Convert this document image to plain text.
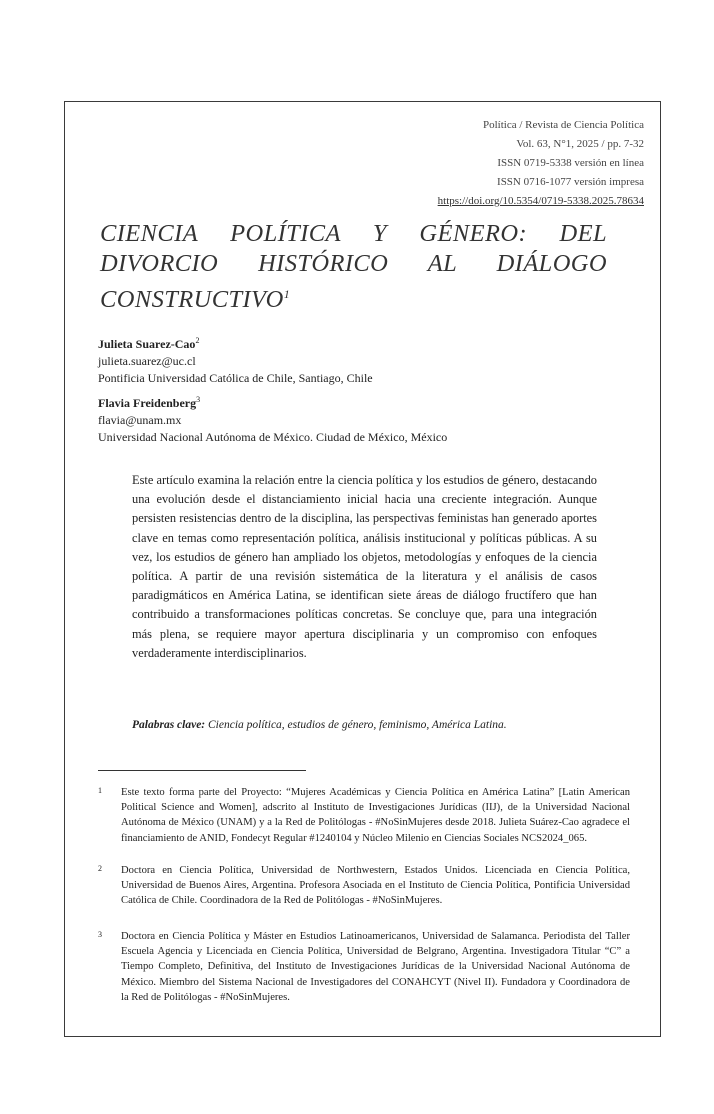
Política / Revista de Ciencia Política
Vol. 63, N°1, 2025 / pp. 7-32
ISSN 0719-5338 versión en línea
ISSN 0716-1077 versión impresa
https://doi.org/10.5354/0719-5338.2025.78634
CIENCIA POLÍTICA Y GÉNERO: DEL
DIVORCIO HISTÓRICO AL DIÁLOGO
CONSTRUCTIVO$^1$
Julieta Suarez-Cao$^2$
julieta.suarez@uc.cl
Pontificia Universidad Católica de Chile, Santiago, Chile
Flavia Freidenberg$^3$
flavia@unam.mx
Universidad Nacional Autónoma de México. Ciudad de México, México
Este artículo examina la relación entre la ciencia política y los estudios de género, destacando una evolución desde el distanciamiento inicial hacia una creciente integración. Aunque persisten resistencias dentro de la disciplina, las perspectivas feministas han generado aportes clave en temas como representación política, análisis institucional y políticas públicas. A su vez, los estudios de género han ampliado los objetos, metodologías y enfoques de la ciencia política. A partir de una revisión sistemática de la literatura y el análisis de casos paradigmáticos en América Latina, se identifican siete áreas de diálogo fructífero que han contribuido a transformaciones políticas concretas. Se concluye que, para una integración más plena, se requiere mayor apertura disciplinaria y un compromiso con enfoques verdaderamente interdisciplinarios.
Palabras clave: Ciencia política, estudios de género, feminismo, América Latina.
1 Este texto forma parte del Proyecto: “Mujeres Académicas y Ciencia Política en América Latina” [Latin American Political Science and Women], adscrito al Instituto de Investigaciones Jurídicas (IIJ), de la Universidad Nacional Autónoma de México (UNAM) y a la Red de Politólogas - #NoSinMujeres desde 2018. Julieta Suárez-Cao agradece el financiamiento de ANID, Fondecyt Regular #1240104 y Núcleo Milenio en Ciencias Sociales NCS2024_065.
2 Doctora en Ciencia Política, Universidad de Northwestern, Estados Unidos. Licenciada en Ciencia Política, Universidad de Buenos Aires, Argentina. Profesora Asociada en el Instituto de Ciencia Política, Pontificia Universidad Católica de Chile. Coordinadora de la Red de Politólogas - #NoSinMujeres.
3 Doctora en Ciencia Política y Máster en Estudios Latinoamericanos, Universidad de Salamanca. Periodista del Taller Escuela Agencia y Licenciada en Ciencia Política, Universidad de Belgrano, Argentina. Investigadora Titular “C” a Tiempo Completo, Definitiva, del Instituto de Investigaciones Jurídicas de la Universidad Nacional Autónoma de México. Miembro del Sistema Nacional de Investigadores del CONAHCYT (Nivel II). Fundadora y Coordinadora de la Red de Politólogas - #NoSinMujeres.
